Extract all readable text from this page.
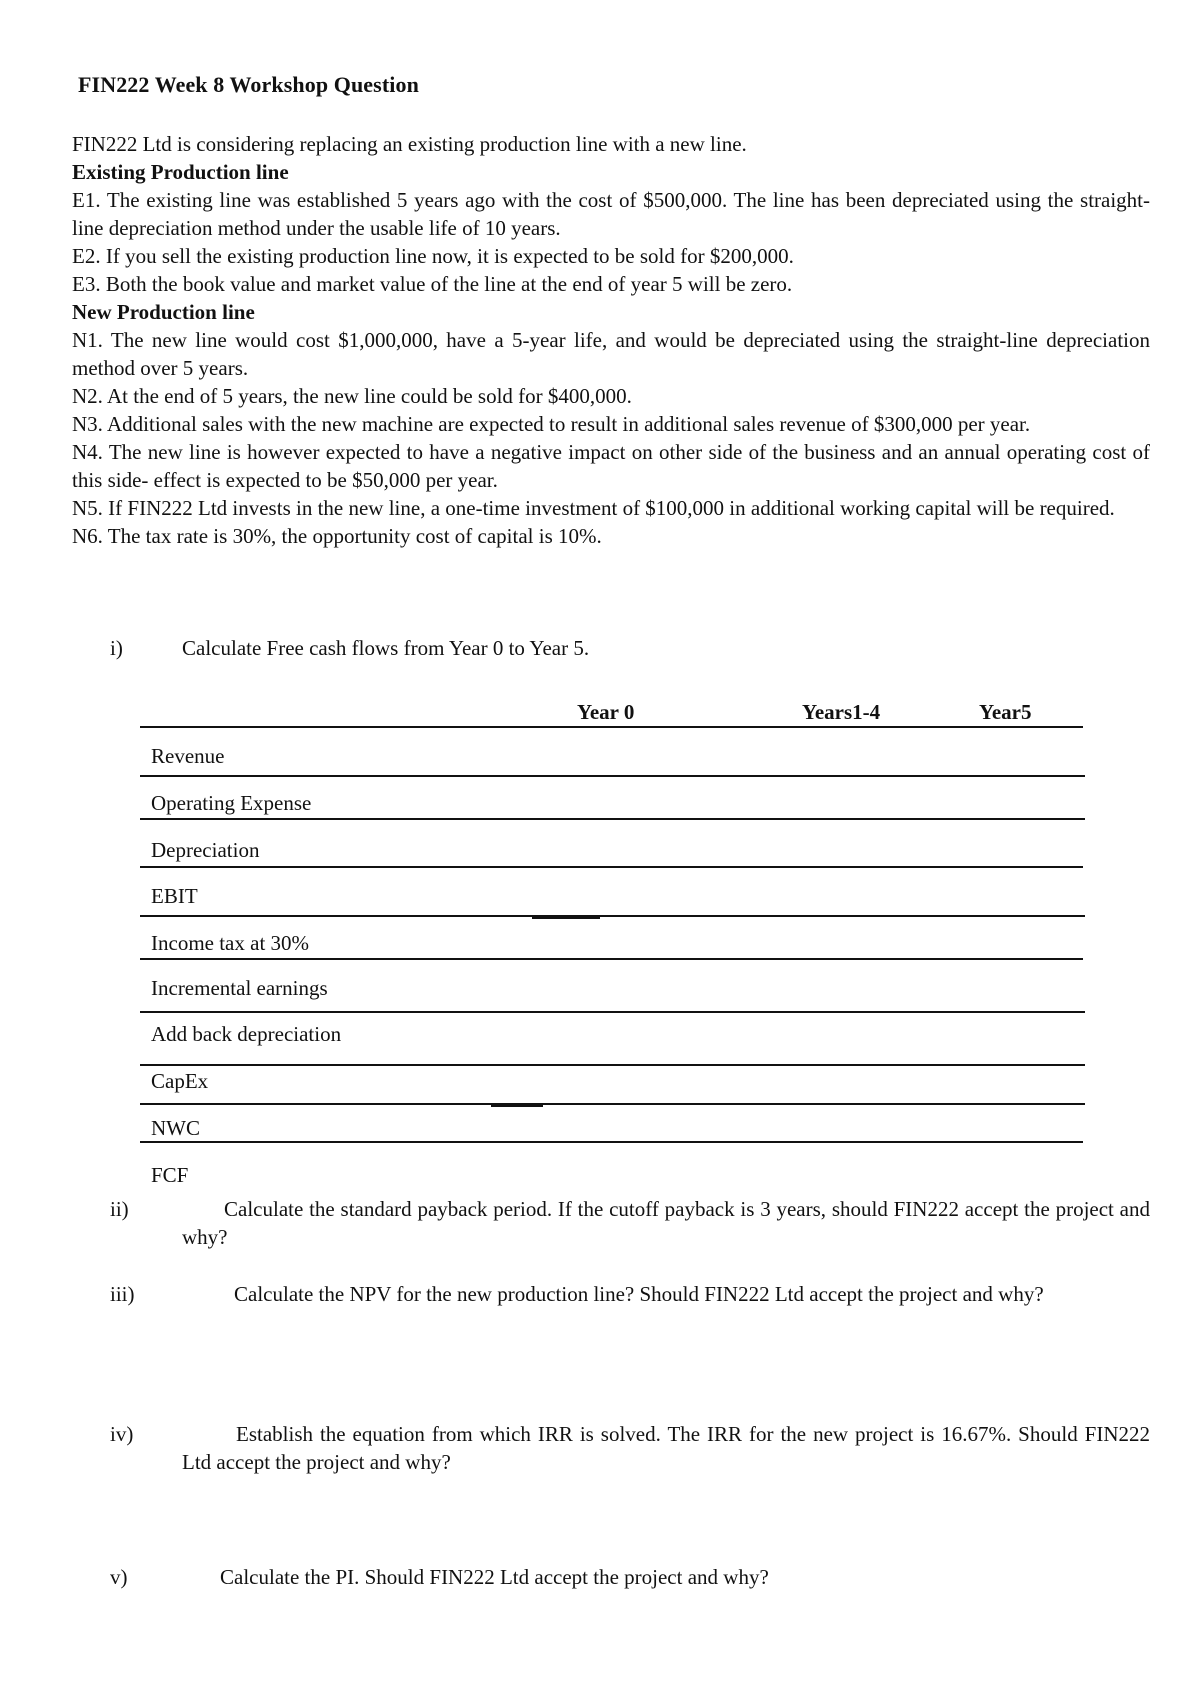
FIN222 Week 8 Workshop Question

FIN222 Ltd is considering replacing an existing production line with a new line.

Existing Production line

E1. The existing line was established 5 years ago with the cost of $500,000. The line has been depreciated using the straight-line depreciation method under the usable life of 10 years.

E2. If you sell the existing production line now, it is expected to be sold for $200,000.

E3. Both the book value and market value of the line at the end of year 5 will be zero.

New Production line

N1. The new line would cost $1,000,000, have a 5-year life, and would be depreciated using the straight-line depreciation method over 5 years.

N2. At the end of 5 years, the new line could be sold for $400,000.

N3. Additional sales with the new machine are expected to result in additional sales revenue of $300,000 per year.

N4. The new line is however expected to have a negative impact on other side of the business and an annual operating cost of this side- effect is expected to be $50,000 per year.

N5. If FIN222 Ltd invests in the new line, a one-time investment of $100,000 in additional working capital will be required.

N6. The tax rate is 30%, the opportunity cost of capital is 10%.

i)	Calculate Free cash flows from Year 0 to Year 5.
Year 0	Years1-4	Year5
Revenue
Operating Expense
Depreciation
EBIT
Income tax at 30%
Incremental earnings
Add back depreciation
CapEx
NWC
FCF
ii)	Calculate the standard payback period. If the cutoff payback is 3 years, should FIN222 accept the project and why?
iii)	Calculate the NPV for the new production line? Should FIN222 Ltd accept the project and why?
iv)	Establish the equation from which IRR is solved. The IRR for the new project is 16.67%. Should FIN222 Ltd accept the project and why?
v)	Calculate the PI. Should FIN222 Ltd accept the project and why?
